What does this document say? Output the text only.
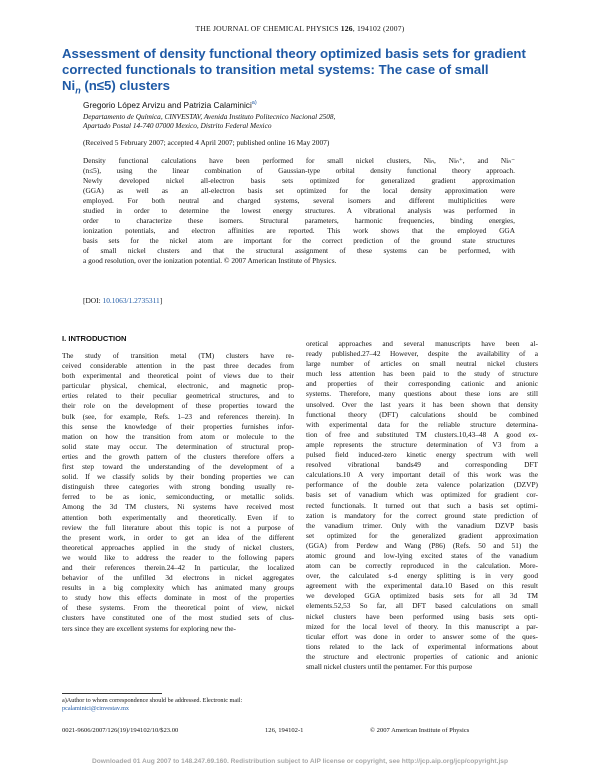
THE JOURNAL OF CHEMICAL PHYSICS 126, 194102 (2007)
Assessment of density functional theory optimized basis sets for gradient
corrected functionals to transition metal systems: The case of small
$Ni_n$ (n≤5) clusters
Gregorio López Arvizu and Patrizia Calaminici$^{a)}$
Departamento de Química, CINVESTAV, Avenida Instituto Politecnico Nacional 2508,
Apartado Postal 14-740 07000 Mexico, Distrito Federal Mexico
(Received 5 February 2007; accepted 4 April 2007; published online 16 May 2007)
Density functional calculations have been performed for small nickel clusters, Niₙ, Niₙ⁺, and Niₙ⁻
(n≤5), using the linear combination of Gaussian-type orbital density functional theory approach.
Newly developed nickel all-electron basis sets optimized for generalized gradient approximation
(GGA) as well as an all-electron basis set optimized for the local density approximation were
employed. For both neutral and charged systems, several isomers and different multiplicities were
studied in order to determine the lowest energy structures. A vibrational analysis was performed in
order to characterize these isomers. Structural parameters, harmonic frequencies, binding energies,
ionization potentials, and electron affinities are reported. This work shows that the employed GGA
basis sets for the nickel atom are important for the correct prediction of the ground state structures
of small nickel clusters and that the structural assignment of these systems can be performed, with
a good resolution, over the ionization potential. © 2007 American Institute of Physics.
[DOI: 10.1063/1.2735311]
I. INTRODUCTION
The study of transition metal (TM) clusters have re-
ceived considerable attention in the past three decades from
both experimental and theoretical point of views due to their
particular physical, chemical, electronic, and magnetic prop-
erties related to their peculiar geometrical structures, and to
their role on the development of these properties toward the
bulk (see, for example, Refs. 1–23 and references therein). In
this sense the knowledge of their properties furnishes infor-
mation on how the transition from atom or molecule to the
solid state may occur. The determination of structural prop-
erties and the growth pattern of the clusters therefore offers a
first step toward the understanding of the development of a
solid. If we classify solids by their bonding properties we can
distinguish three categories with strong bonding usually re-
ferred to be as ionic, semiconducting, or metallic solids.
Among the 3d TM clusters, Ni systems have received most
attention both experimentally and theoretically. Even if to
review the full literature about this topic is not a purpose of
the present work, in order to get an idea of the different
theoretical approaches applied in the study of nickel clusters,
we would like to address the reader to the following papers
and their references therein.24–42 In particular, the localized
behavior of the unfilled 3d electrons in nickel aggregates
results in a big complexity which has animated many groups
to study how this effects dominate in most of the properties
of these systems. From the theoretical point of view, nickel
clusters have constituted one of the most studied sets of clus-
ters since they are excellent systems for exploring new the-
oretical approaches and several manuscripts have been al-
ready published.27–42 However, despite the availability of a
large number of articles on small neutral nickel clusters
much less attention has been paid to the study of structure
and properties of their corresponding cationic and anionic
systems. Therefore, many questions about these ions are still
unsolved. Over the last years it has been shown that density
functional theory (DFT) calculations should be combined
with experimental data for the reliable structure determina-
tion of free and substituted TM clusters.10,43–48 A good ex-
ample represents the structure determination of V3 from a
pulsed field induced-zero kinetic energy spectrum with well
resolved vibrational bands49 and corresponding DFT
calculations.10 A very important detail of this work was the
performance of the double zeta valence polarization (DZVP)
basis set of vanadium which was optimized for gradient cor-
rected functionals. It turned out that such a basis set optimi-
zation is mandatory for the correct ground state prediction of
the vanadium trimer. Only with the vanadium DZVP basis
set optimized for the generalized gradient approximation
(GGA) from Perdew and Wang (P86) (Refs. 50 and 51) the
atomic ground and low-lying excited states of the vanadium
atom can be correctly reproduced in the calculation. More-
over, the calculated s-d energy splitting is in very good
agreement with the experimental data.10 Based on this result
we developed GGA optimized basis sets for all 3d TM
elements.52,53 So far, all DFT based calculations on small
nickel clusters have been performed using basis sets opti-
mized for the local level of theory. In this manuscript a par-
ticular effort was done in order to answer some of the ques-
tions related to the lack of experimental informations about
the structure and electronic properties of cationic and anionic
small nickel clusters until the pentamer. For this purpose
a)Author to whom correspondence should be addressed. Electronic mail:
pcalaminici@cinvestav.mx
0021-9606/2007/126(19)/194102/10/$23.00	126, 194102-1	© 2007 American Institute of Physics
Downloaded 01 Aug 2007 to 148.247.69.160. Redistribution subject to AIP license or copyright, see http://jcp.aip.org/jcp/copyright.jsp
